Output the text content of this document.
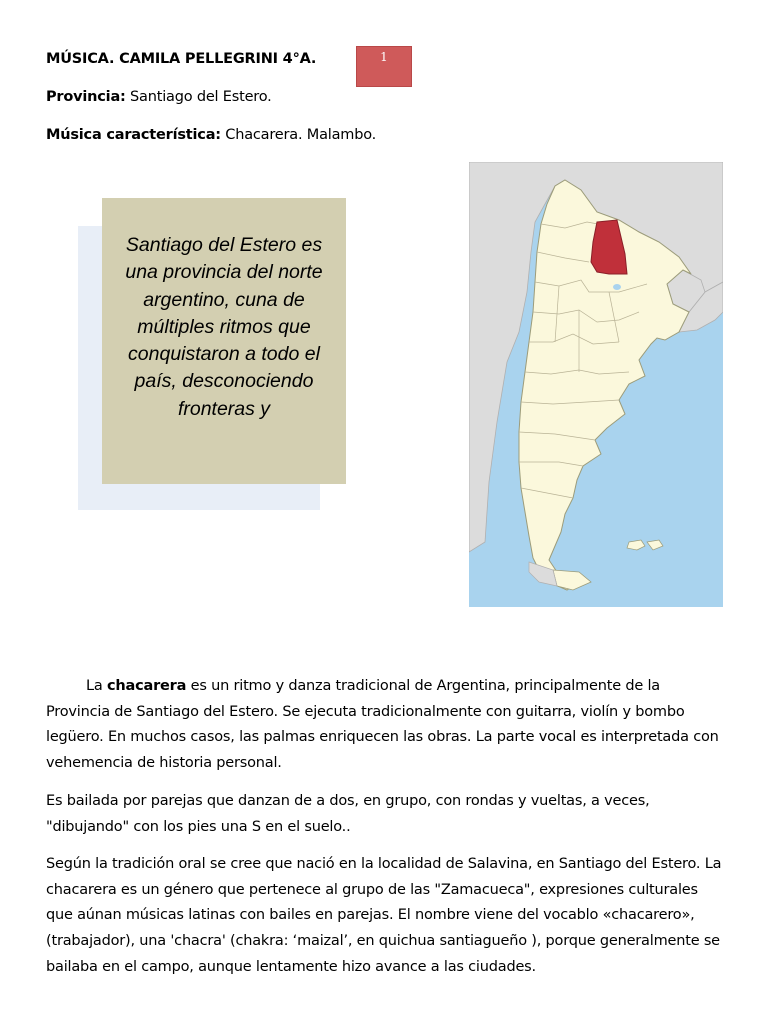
MÚSICA. CAMILA PELLEGRINI 4°A.	1
Provincia: Santiago del Estero.
Música característica: Chacarera. Malambo.
Santiago del Estero es una provincia del norte argentino, cuna de múltiples ritmos que conquistaron a todo el país, desconociendo fronteras y

La chacarera es un ritmo y danza tradicional de Argentina, principalmente de la Provincia de Santiago del Estero. Se ejecuta tradicionalmente con guitarra, violín y bombo legüero. En muchos casos, las palmas enriquecen las obras. La parte vocal es interpretada con vehemencia de historia personal.

Es bailada por parejas que danzan de a dos, en grupo, con rondas y vueltas, a veces, "dibujando" con los pies una S en el suelo..

Según la tradición oral se cree que nació en la localidad de Salavina, en Santiago del Estero. La chacarera es un género que pertenece al grupo de las "Zamacueca", expresiones culturales que aúnan músicas latinas con bailes en parejas. El nombre viene del vocablo «chacarero», (trabajador), una 'chacra' (chakra: ‘maizal’, en quichua santiagueño ), porque generalmente se bailaba en el campo, aunque lentamente hizo avance a las ciudades.
